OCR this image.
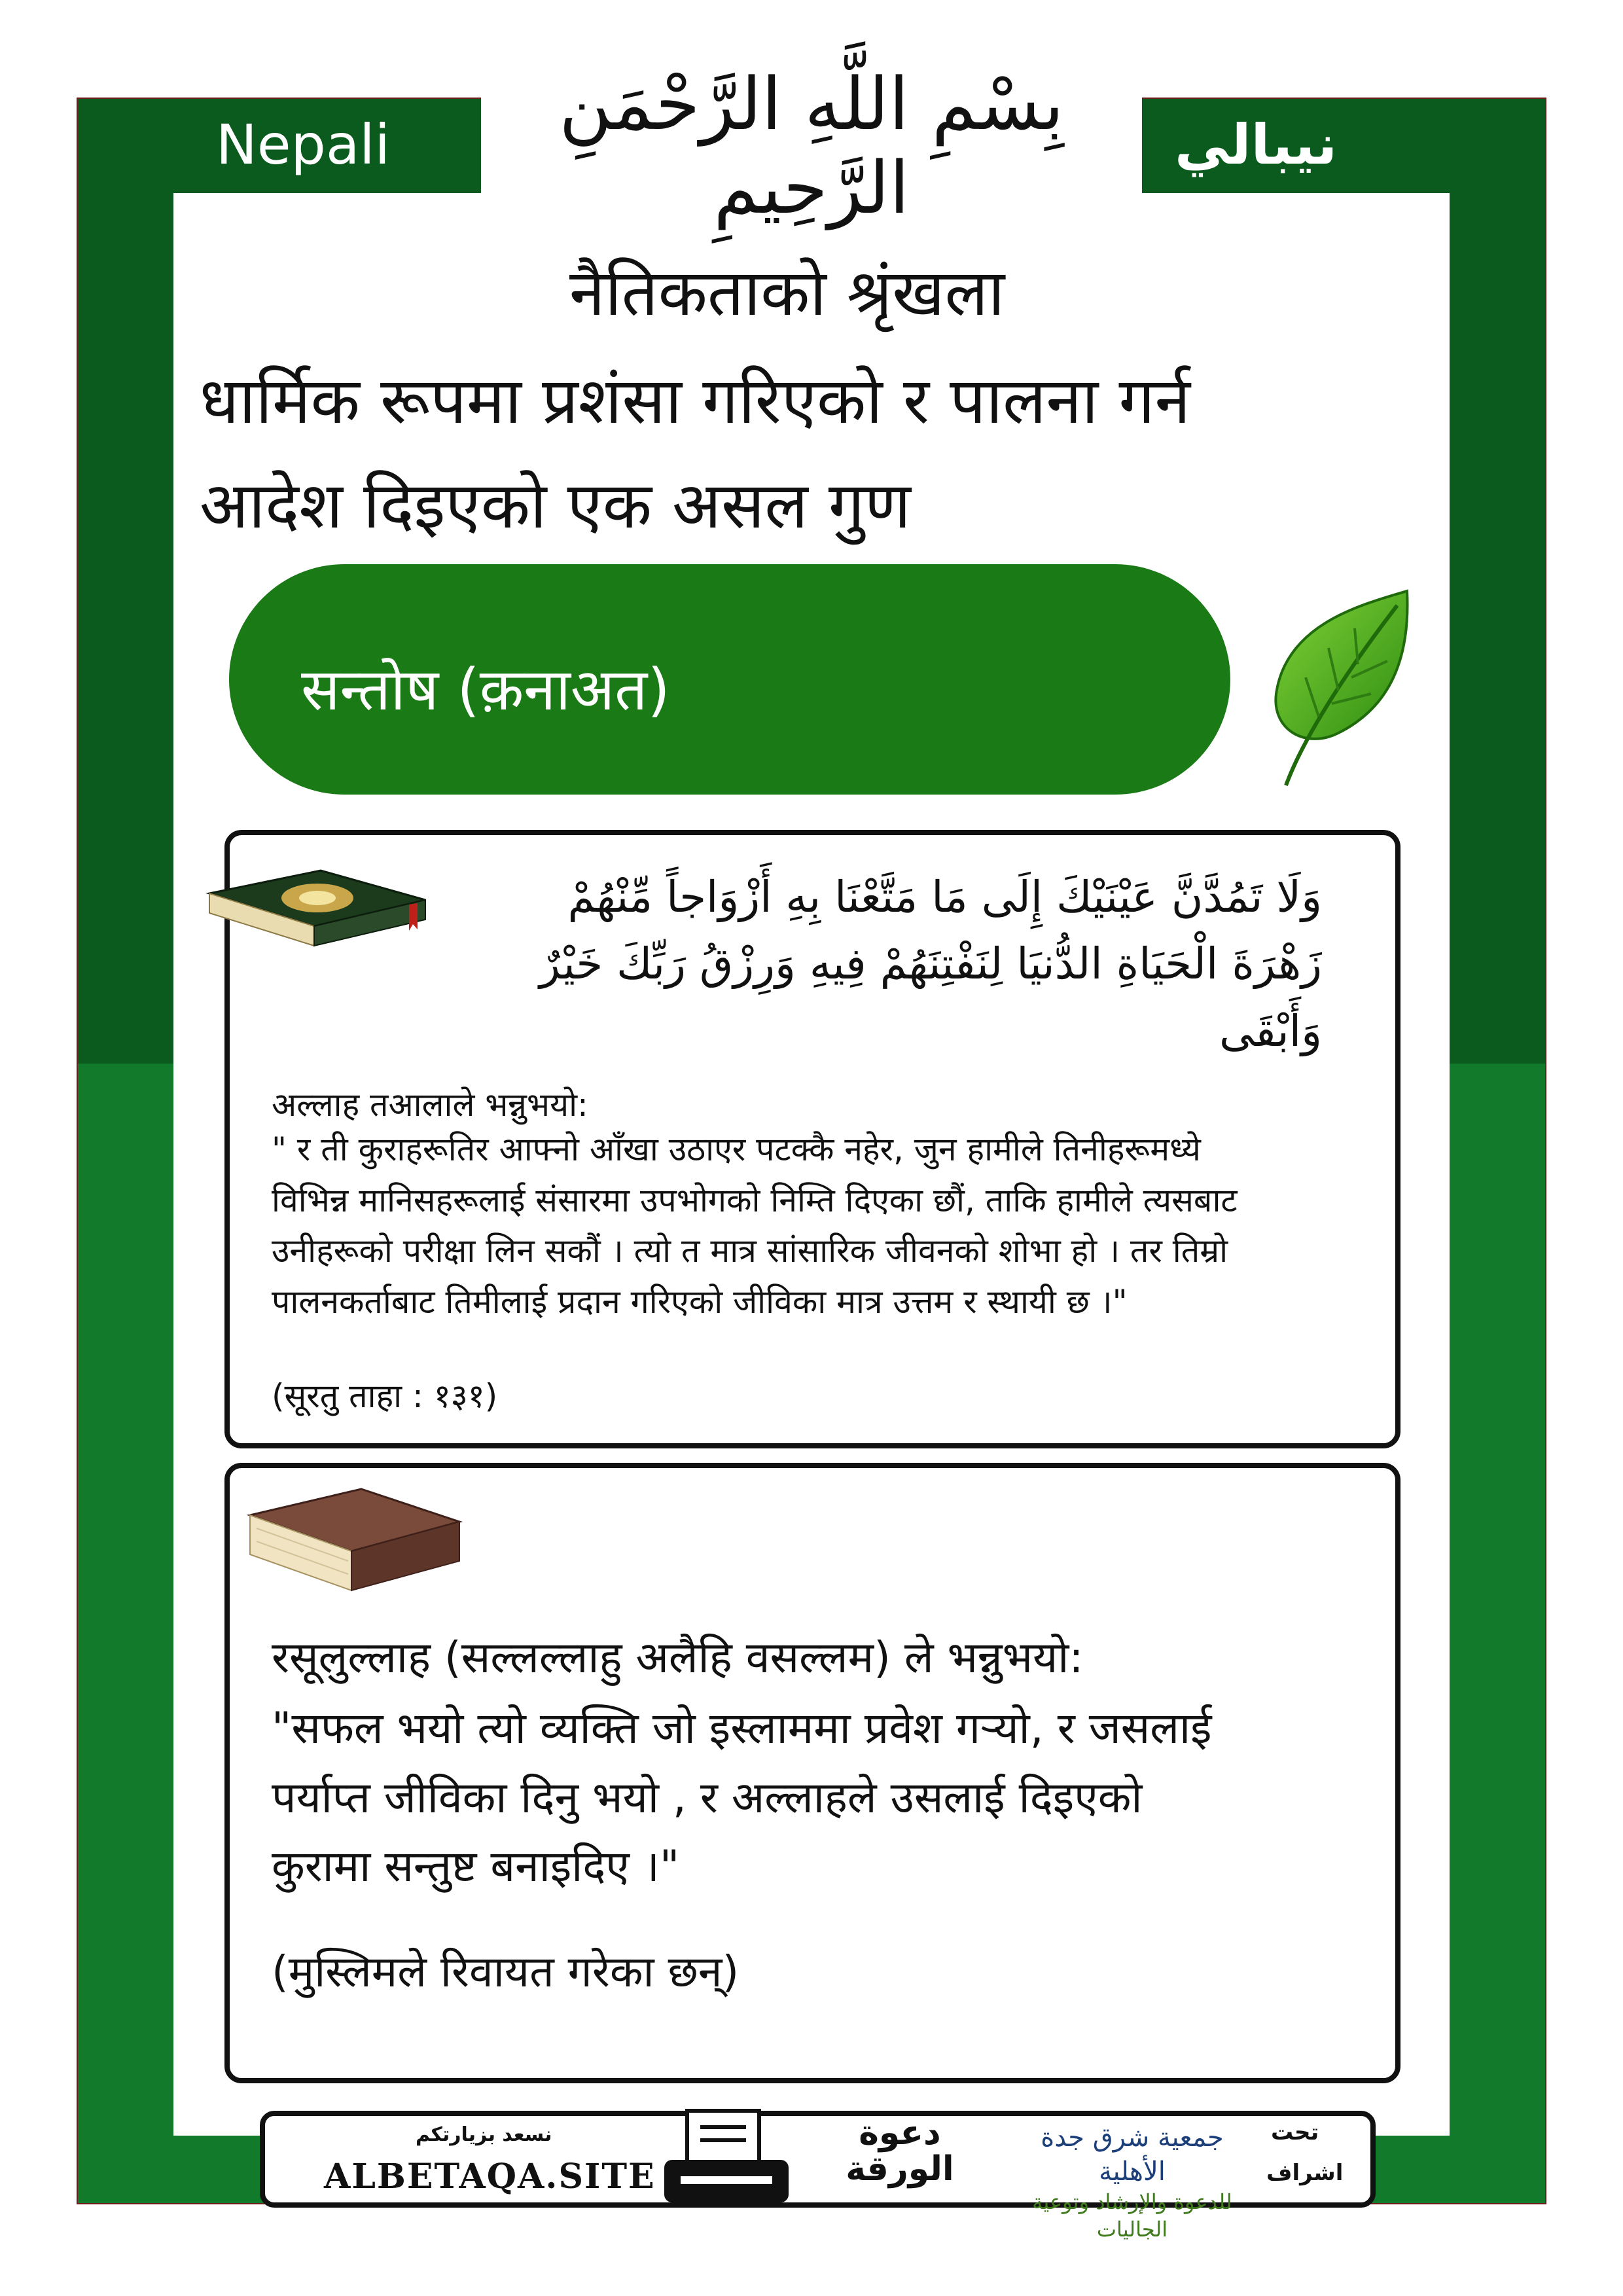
بِسْمِ اللَّهِ الرَّحْمَنِ الرَّحِيمِ
Nepali	نيبالي
नैतिकताको श्रृंखला
धार्मिक रूपमा प्रशंसा गरिएको र पालना गर्न
आदेश दिइएको एक असल गुण
सन्तोष (क़नाअत)
وَلَا تَمُدَّنَّ عَيْنَيْكَ إِلَى مَا مَتَّعْنَا بِهِ أَزْوَاجاً مِّنْهُمْ زَهْرَةَ الْحَيَاةِ الدُّنيَا لِنَفْتِنَهُمْ فِيهِ وَرِزْقُ رَبِّكَ خَيْرٌ وَأَبْقَى
अल्लाह तआलाले भन्नुभयो:
" र ती कुराहरूतिर आफ्नो आँखा उठाएर पटक्कै नहेर, जुन हामीले तिनीहरूमध्ये
विभिन्न मानिसहरूलाई संसारमा उपभोगको निम्ति दिएका छौं, ताकि हामीले त्यसबाट
उनीहरूको परीक्षा लिन सकौं । त्यो त मात्र सांसारिक जीवनको शोभा हो । तर तिम्रो
पालनकर्ताबाट तिमीलाई प्रदान गरिएको जीविका मात्र उत्तम र स्थायी छ ।"
(सूरतु ताहा : १३१)
रसूलुल्लाह (सल्लल्लाहु अलैहि वसल्लम) ले भन्नुभयो:
"सफल भयो त्यो व्यक्ति जो इस्लाममा प्रवेश गऱ्यो, र जसलाई
पर्याप्त जीविका दिनु भयो , र अल्लाहले उसलाई दिइएको
कुरामा सन्तुष्ट बनाइदिए ।"
(मुस्लिमले रिवायत गरेका छन्)
نسعد بزيارتكم
ALBETAQA.SITE
دعوة الورقة
جمعية شرق جدة الأهلية
للدعوة والإرشاد وتوعية الجاليات
تحت
اشراف
